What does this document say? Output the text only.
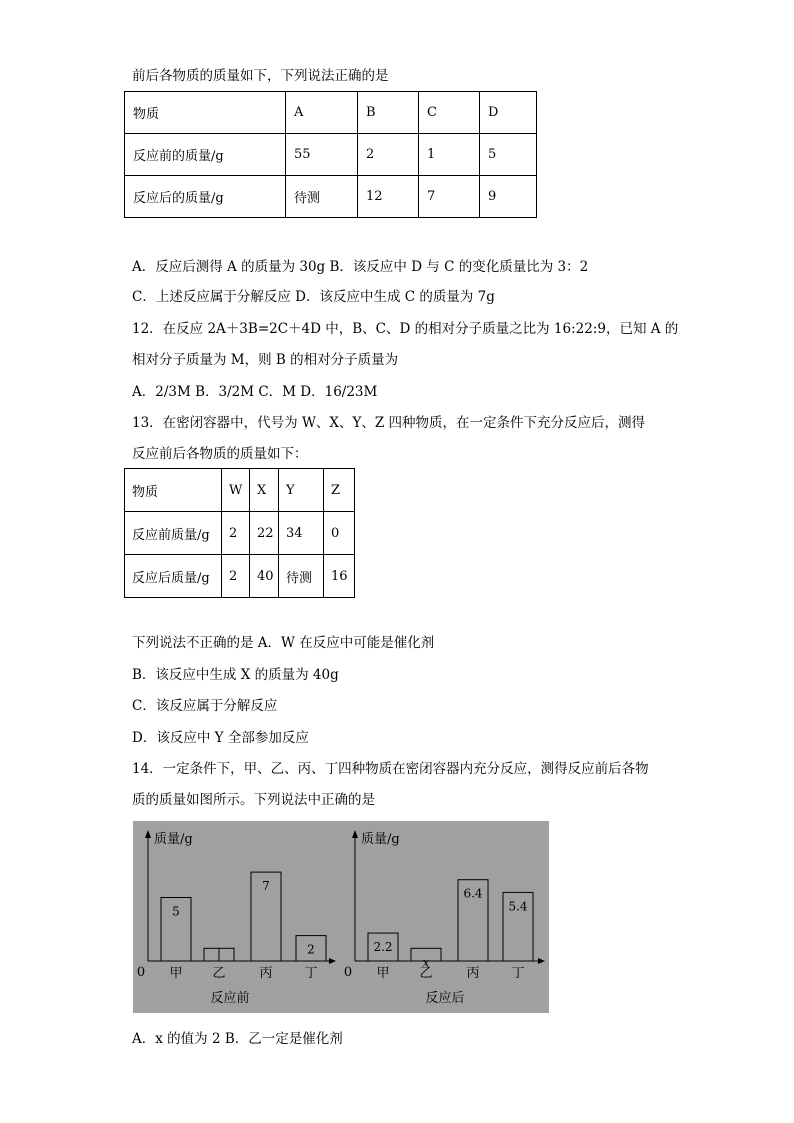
前后各物质的质量如下，下列说法正确的是
物质	A	B	C	D
反应前的质量/g	55	2	1	5
反应后的质量/g	待测	12	7	9
A．反应后测得 A 的质量为 30g B．该反应中 D 与 C 的变化质量比为 3：2
C．上述反应属于分解反应 D．该反应中生成 C 的质量为 7g
12．在反应 2A＋3B=2C＋4D 中，B、C、D 的相对分子质量之比为 16:22:9，已知 A 的
相对分子质量为 M，则 B 的相对分子质量为
A．2/3M B．3/2M C．M D．16/23M
13．在密闭容器中，代号为 W、X、Y、Z 四种物质，在一定条件下充分反应后，测得
反应前后各物质的质量如下：
物质	W	X	Y	Z
反应前质量/g	2	22	34	0
反应后质量/g	2	40	待测	16
下列说法不正确的是 A．W 在反应中可能是催化剂
B．该反应中生成 X 的质量为 40g
C．该反应属于分解反应
D．该反应中 Y 全部参加反应
14．一定条件下，甲、乙、丙、丁四种物质在密闭容器内充分反应，测得反应前后各物
质的质量如图所示。下列说法中正确的是
质量/g
0
反应前
甲
5
乙	丙
7
丁
2
质量/g
0
反应后
甲
2.2
乙
x
丙
6.4
丁
5.4
A．x 的值为 2 B．乙一定是催化剂
